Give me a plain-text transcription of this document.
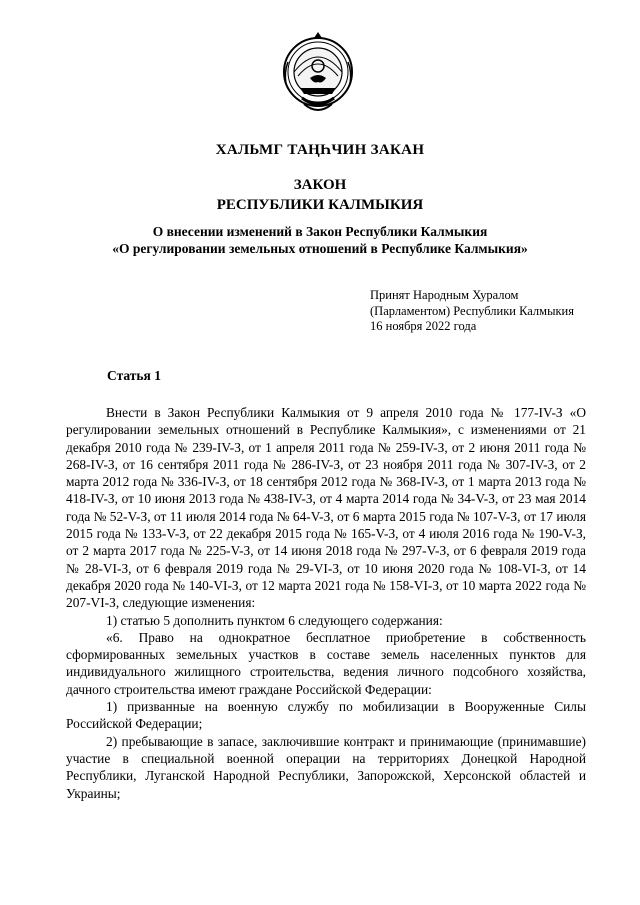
ХАЛЬМГ ТАҢҺЧИН ЗАКАН
ЗАКОН
РЕСПУБЛИКИ КАЛМЫКИЯ
О внесении изменений в Закон Республики Калмыкия
«О регулировании земельных отношений в Республике Калмыкия»
Принят Народным Хуралом
(Парламентом) Республики Калмыкия
16 ноября 2022 года
Статья 1

Внести в Закон Республики Калмыкия от 9 апреля 2010 года № 177-IV-З «О регулировании земельных отношений в Республике Калмыкия», с изменениями от 21 декабря 2010 года № 239-IV-З, от 1 апреля 2011 года № 259-IV-З, от 2 июня 2011 года № 268-IV-З, от 16 сентября 2011 года № 286-IV-З, от 23 ноября 2011 года № 307-IV-З, от 2 марта 2012 года № 336-IV-З, от 18 сентября 2012 года № 368-IV-З, от 1 марта 2013 года № 418-IV-З, от 10 июня 2013 года № 438-IV-З, от 4 марта 2014 года № 34-V-З, от 23 мая 2014 года № 52-V-З, от 11 июля 2014 года № 64-V-З, от 6 марта 2015 года № 107-V-З, от 17 июля 2015 года № 133-V-З, от 22 декабря 2015 года № 165-V-З, от 4 июля 2016 года № 190-V-З, от 2 марта 2017 года № 225-V-З, от 14 июня 2018 года № 297-V-З, от 6 февраля 2019 года № 28-VI-З, от 6 февраля 2019 года № 29-VI-З, от 10 июня 2020 года № 108-VI-З, от 14 декабря 2020 года № 140-VI-З, от 12 марта 2021 года № 158-VI-З, от 10 марта 2022 года № 207-VI-З, следующие изменения:

1) статью 5 дополнить пунктом 6 следующего содержания:

«6. Право на однократное бесплатное приобретение в собственность сформированных земельных участков в составе земель населенных пунктов для индивидуального жилищного строительства, ведения личного подсобного хозяйства, дачного строительства имеют граждане Российской Федерации:

1) призванные на военную службу по мобилизации в Вооруженные Силы Российской Федерации;

2) пребывающие в запасе, заключившие контракт и принимающие (принимавшие) участие в специальной военной операции на территориях Донецкой Народной Республики, Луганской Народной Республики, Запорожской, Херсонской областей и Украины;
